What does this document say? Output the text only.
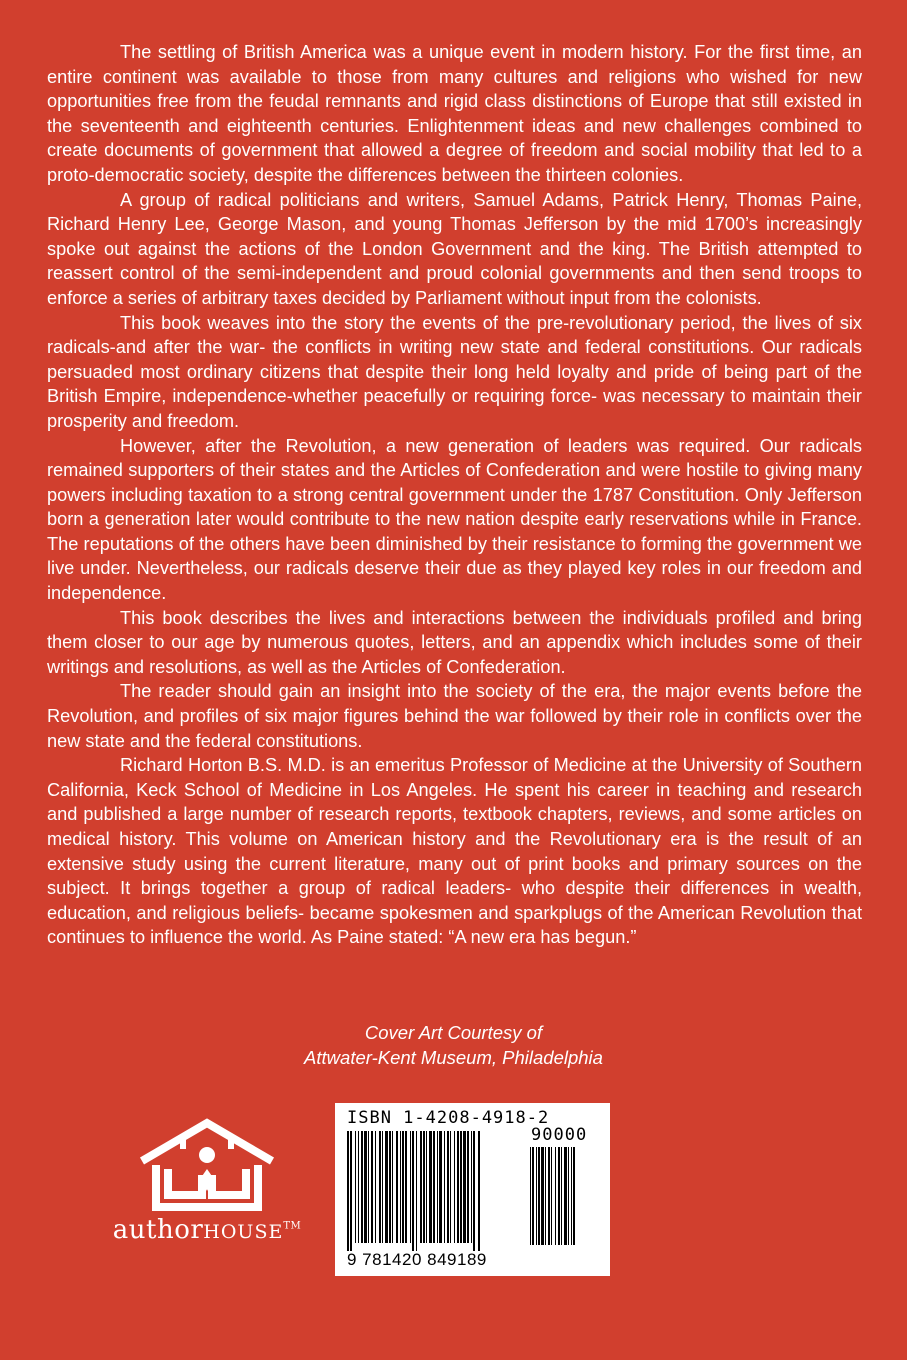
The settling of British America was a unique event in modern history. For the first time, an entire continent was available to those from many cultures and religions who wished for new opportunities free from the feudal remnants and rigid class distinctions of Europe that still existed in the seventeenth and eighteenth centuries. Enlightenment ideas and new challenges combined to create documents of government that allowed a degree of freedom and social mobility that led to a proto-democratic society, despite the differences between the thirteen colonies.

A group of radical politicians and writers, Samuel Adams, Patrick Henry, Thomas Paine, Richard Henry Lee, George Mason, and young Thomas Jefferson by the mid 1700’s increasingly spoke out against the actions of the London Government and the king. The British attempted to reassert control of the semi-independent and proud colonial governments and then send troops to enforce a series of arbitrary taxes decided by Parliament without input from the colonists.

This book weaves into the story the events of the pre-revolutionary period, the lives of six radicals-and after the war- the conflicts in writing new state and federal constitutions. Our radicals persuaded most ordinary citizens that despite their long held loyalty and pride of being part of the British Empire, independence-whether peacefully or requiring force- was necessary to maintain their prosperity and freedom.

However, after the Revolution, a new generation of leaders was required. Our radicals remained supporters of their states and the Articles of Confederation and were hostile to giving many powers including taxation to a strong central government under the 1787 Constitution. Only Jefferson born a generation later would contribute to the new nation despite early reservations while in France. The reputations of the others have been diminished by their resistance to forming the government we live under. Nevertheless, our radicals deserve their due as they played key roles in our freedom and independence.

This book describes the lives and interactions between the individuals profiled and bring them closer to our age by numerous quotes, letters, and an appendix which includes some of their writings and resolutions, as well as the Articles of Confederation.

The reader should gain an insight into the society of the era, the major events before the Revolution, and profiles of six major figures behind the war followed by their role in conflicts over the new state and the federal constitutions.

Richard Horton B.S. M.D. is an emeritus Professor of Medicine at the University of Southern California, Keck School of Medicine in Los Angeles. He spent his career in teaching and research and published a large number of research reports, textbook chapters, reviews, and some articles on medical history. This volume on American history and the Revolutionary era is the result of an extensive study using the current literature, many out of print books and primary sources on the subject. It brings together a group of radical leaders- who despite their differences in wealth, education, and religious beliefs- became spokesmen and sparkplugs of the American Revolution that continues to influence the world. As Paine stated: “A new era has begun.”

Cover Art Courtesy of
Attwater-Kent Museum, Philadelphia
authorHOUSE™
ISBN 1-4208-4918-2
90000
9 781420 849189
